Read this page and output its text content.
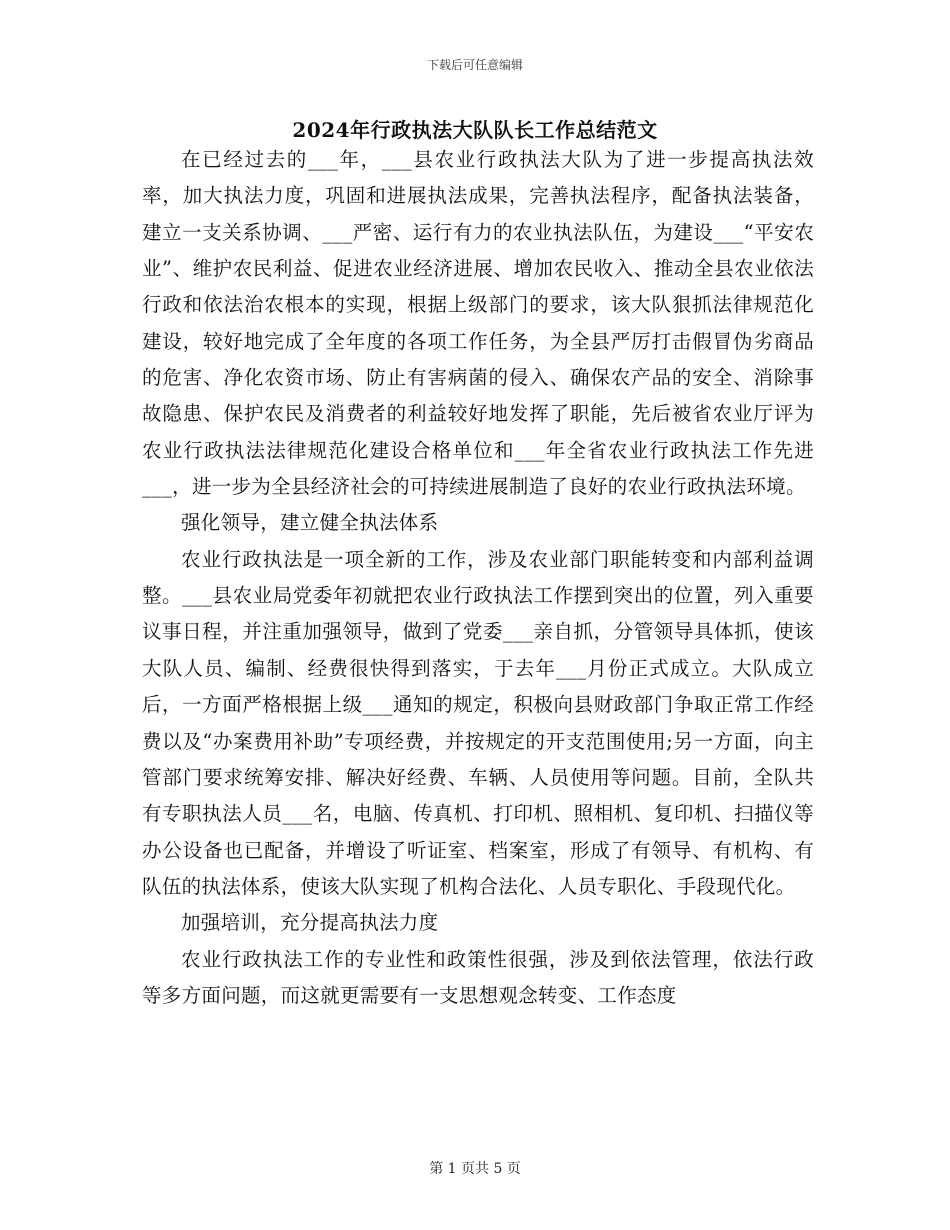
下载后可任意编辑
2024年行政执法大队队长工作总结范文

在已经过去的___年，___县农业行政执法大队为了进一步提高执法效率，加大执法力度，巩固和进展执法成果，完善执法程序，配备执法装备，建立一支关系协调、___严密、运行有力的农业执法队伍，为建设___“平安农业”、维护农民利益、促进农业经济进展、增加农民收入、推动全县农业依法行政和依法治农根本的实现，根据上级部门的要求，该大队狠抓法律规范化建设，较好地完成了全年度的各项工作任务，为全县严厉打击假冒伪劣商品的危害、净化农资市场、防止有害病菌的侵入、确保农产品的安全、消除事故隐患、保护农民及消费者的利益较好地发挥了职能，先后被省农业厅评为农业行政执法法律规范化建设合格单位和___年全省农业行政执法工作先进___，进一步为全县经济社会的可持续进展制造了良好的农业行政执法环境。

强化领导，建立健全执法体系

农业行政执法是一项全新的工作，涉及农业部门职能转变和内部利益调整。___县农业局党委年初就把农业行政执法工作摆到突出的位置，列入重要议事日程，并注重加强领导，做到了党委___亲自抓，分管领导具体抓，使该大队人员、编制、经费很快得到落实，于去年___月份正式成立。大队成立后，一方面严格根据上级___通知的规定，积极向县财政部门争取正常工作经费以及“办案费用补助”专项经费，并按规定的开支范围使用;另一方面，向主管部门要求统筹安排、解决好经费、车辆、人员使用等问题。目前，全队共有专职执法人员___名，电脑、传真机、打印机、照相机、复印机、扫描仪等办公设备也已配备，并增设了听证室、档案室，形成了有领导、有机构、有队伍的执法体系，使该大队实现了机构合法化、人员专职化、手段现代化。

加强培训，充分提高执法力度

农业行政执法工作的专业性和政策性很强，涉及到依法管理，依法行政等多方面问题，而这就更需要有一支思想观念转变、工作态度

第 1 页共 5 页
